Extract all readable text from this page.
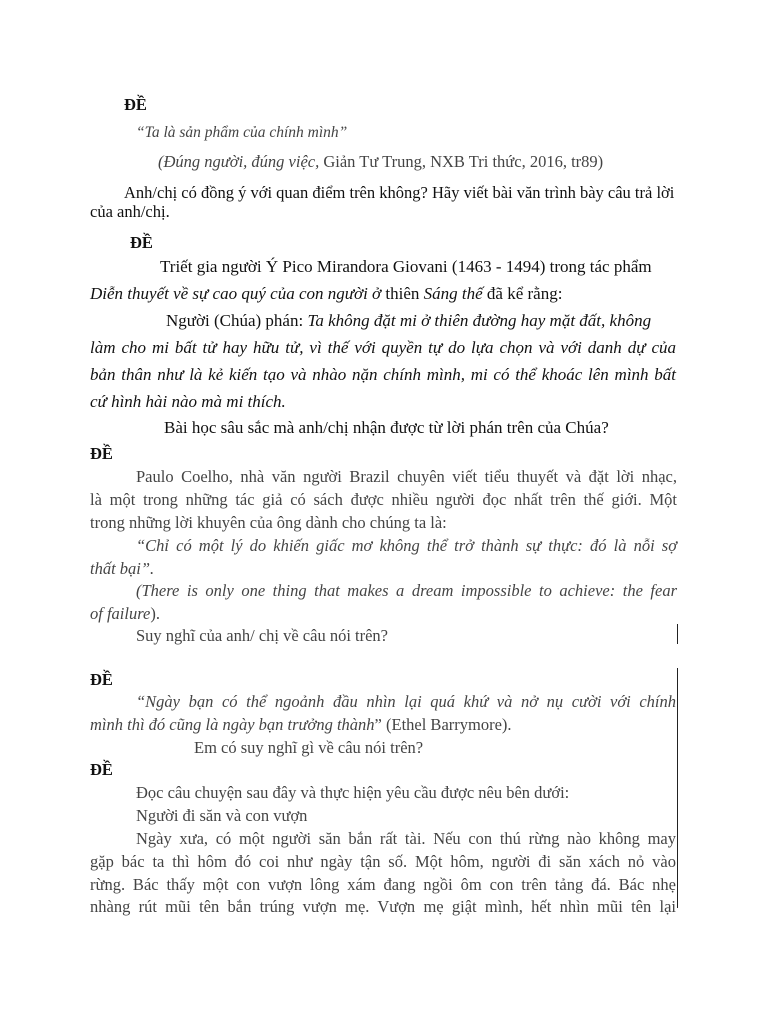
ĐỀ
“Ta là sản phẩm của chính mình”
(Đúng người, đúng việc, Giản Tư Trung, NXB Tri thức, 2016, tr89)
Anh/chị có đồng ý với quan điểm trên không? Hãy viết bài văn trình bày câu trả lời
của anh/chị.
ĐỀ
Triết gia người Ý Pico Mirandora Giovani (1463 - 1494) trong tác phẩm
Diễn thuyết về sự cao quý của con người ở thiên Sáng thế đã kể rằng:
Người (Chúa) phán: Ta không đặt mi ở thiên đường hay mặt đất, không
làm cho mi bất tử hay hữu tử, vì thế với quyền tự do lựa chọn và với danh dự của
bản thân như là kẻ kiến tạo và nhào nặn chính mình, mi có thể khoác lên mình bất
cứ hình hài nào mà mi thích.
Bài học sâu sắc mà anh/chị nhận được từ lời phán trên của Chúa?
ĐỀ
Paulo Coelho, nhà văn người Brazil chuyên viết tiểu thuyết và đặt lời nhạc,
là một trong những tác giả có sách được nhiều người đọc nhất trên thế giới. Một
trong những lời khuyên của ông dành cho chúng ta là:
“Chỉ có một lý do khiến giấc mơ không thể trở thành sự thực: đó là nỗi sợ
thất bại”.
(There is only one thing that makes a dream impossible to achieve: the fear
of failure).
Suy nghĩ của anh/ chị về câu nói trên?
ĐỀ
“Ngày bạn có thể ngoảnh đầu nhìn lại quá khứ và nở nụ cười với chính
mình thì đó cũng là ngày bạn trưởng thành” (Ethel Barrymore).
Em có suy nghĩ gì về câu nói trên?
ĐỀ
Đọc câu chuyện sau đây và thực hiện yêu cầu được nêu bên dưới:
Người đi săn và con vượn
Ngày xưa, có một người săn bắn rất tài. Nếu con thú rừng nào không may
gặp bác ta thì hôm đó coi như ngày tận số. Một hôm, người đi săn xách nỏ vào
rừng. Bác thấy một con vượn lông xám đang ngồi ôm con trên tảng đá. Bác nhẹ
nhàng rút mũi tên bắn trúng vượn mẹ. Vượn mẹ giật mình, hết nhìn mũi tên lại
